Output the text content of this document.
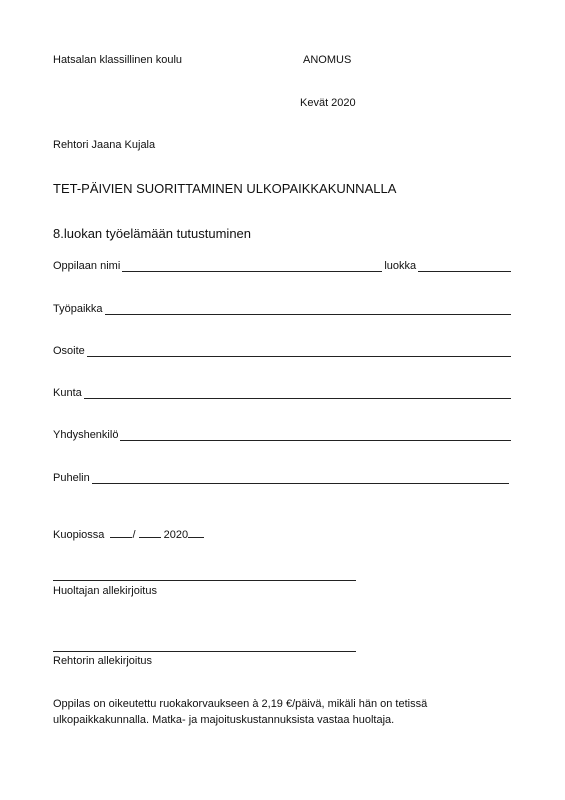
Hatsalan klassillinen koulu	ANOMUS
Kevät 2020
Rehtori Jaana Kujala
TET-PÄIVIEN SUORITTAMINEN ULKOPAIKKAKUNNALLA
8.luokan työelämään tutustuminen
Oppilaan nimi	luokka
Työpaikka
Osoite
Kunta
Yhdyshenkilö
Puhelin
Kuopiossa	/	2020
Huoltajan allekirjoitus
Rehtorin allekirjoitus
Oppilas on oikeutettu ruokakorvaukseen à 2,19 €/päivä, mikäli hän on tetissä
ulkopaikkakunnalla. Matka- ja majoituskustannuksista vastaa huoltaja.
